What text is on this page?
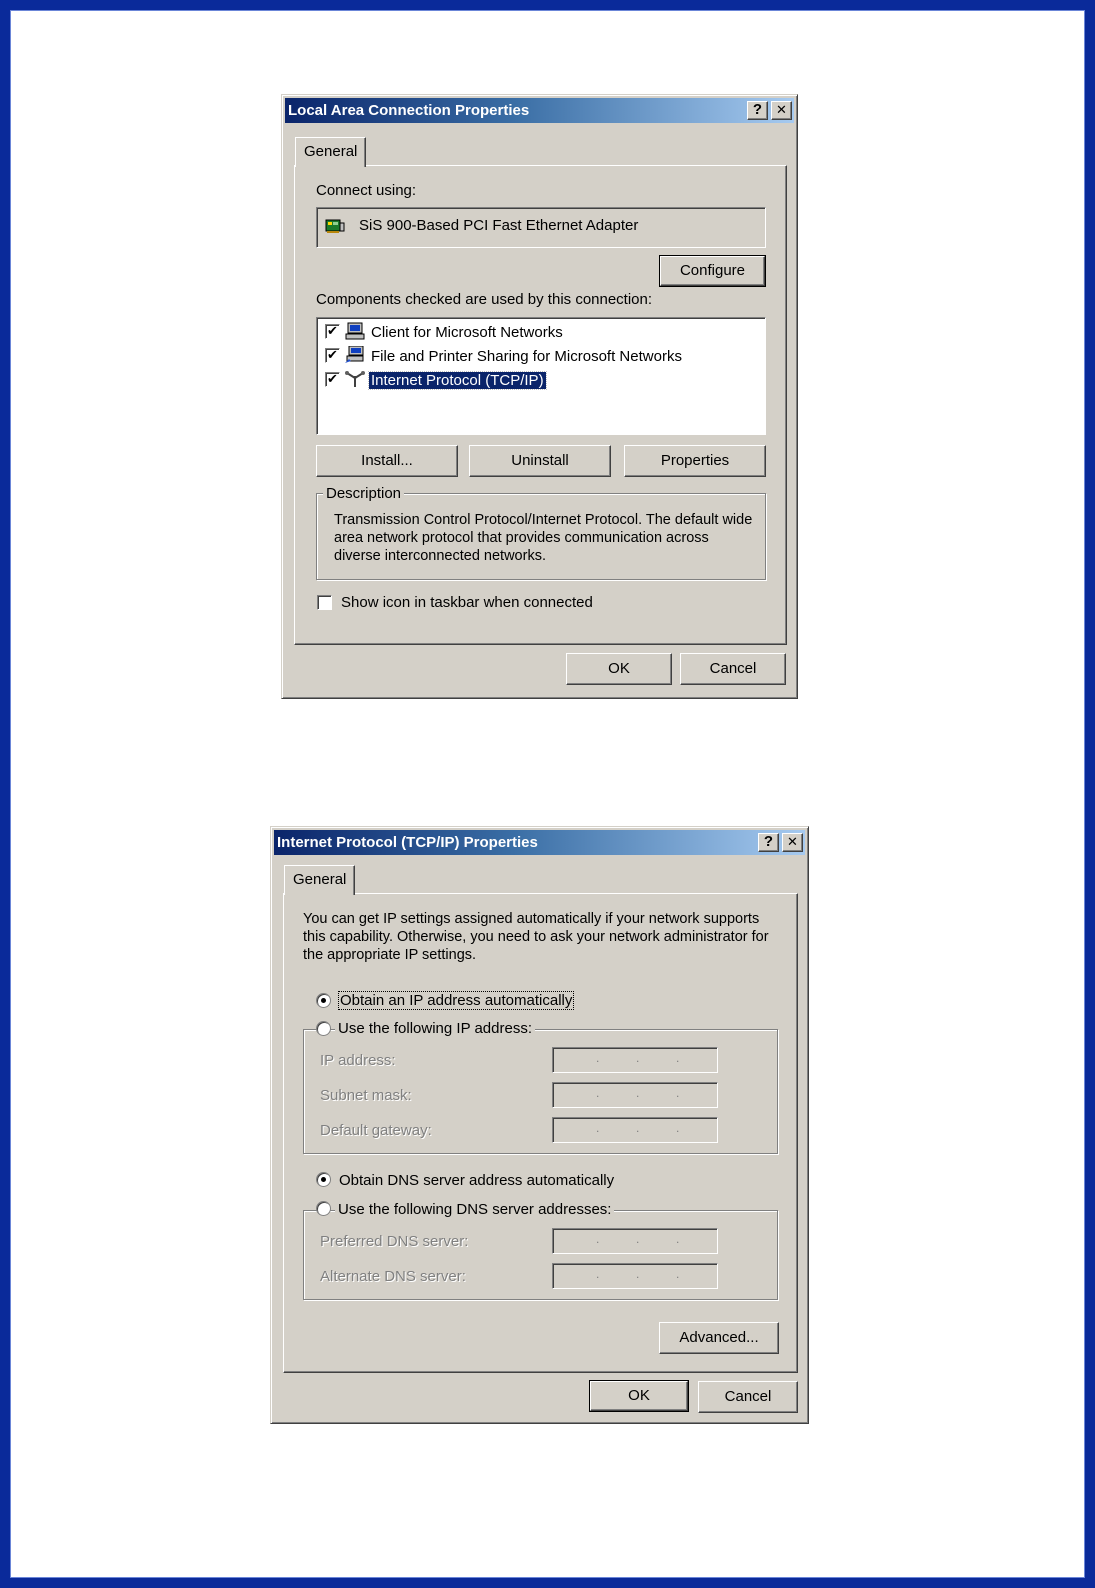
Local Area Connection Properties	?	✕
General
Connect using:
SiS 900-Based PCI Fast Ethernet Adapter
Configure
Components checked are used by this connection:
✔ Client for Microsoft Networks
✔ File and Printer Sharing for Microsoft Networks
✔ Internet Protocol (TCP/IP)
Install...	Uninstall	Properties
Description
Transmission Control Protocol/Internet Protocol. The default wide area network protocol that provides communication across diverse interconnected networks.
Show icon in taskbar when connected
OK	Cancel
Internet Protocol (TCP/IP) Properties	?	✕
General
You can get IP settings assigned automatically if your network supports this capability. Otherwise, you need to ask your network administrator for the appropriate IP settings.
Obtain an IP address automatically
Use the following IP address:
IP address:	.	.	.
Subnet mask:	.	.	.
Default gateway:	.	.	.
Obtain DNS server address automatically
Use the following DNS server addresses:
Preferred DNS server:	.	.	.
Alternate DNS server:	.	.	.
Advanced...
OK	Cancel
